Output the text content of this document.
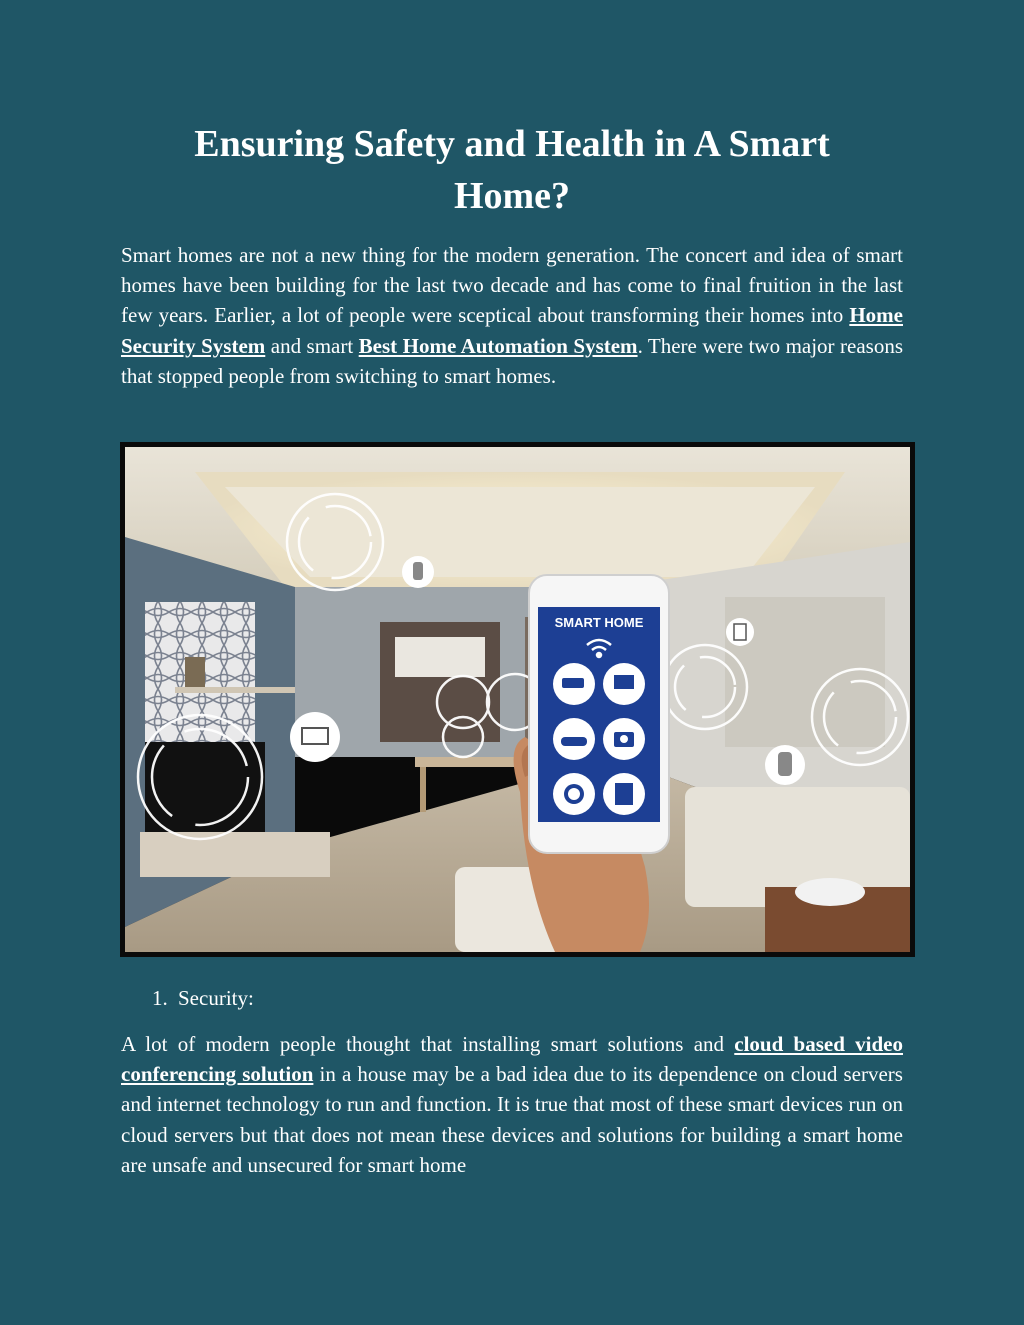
Ensuring Safety and Health in A Smart Home?

Smart homes are not a new thing for the modern generation. The concert and idea of smart homes have been building for the last two decade and has come to final fruition in the last few years. Earlier, a lot of people were sceptical about transforming their homes into Home Security System and smart Best Home Automation System. There were two major reasons that stopped people from switching to smart homes.

SMART HOME
1. Security:

A lot of modern people thought that installing smart solutions and cloud based video conferencing solution in a house may be a bad idea due to its dependence on cloud servers and internet technology to run and function. It is true that most of these smart devices run on cloud servers but that does not mean these devices and solutions for building a smart home are unsafe and unsecured for smart home
